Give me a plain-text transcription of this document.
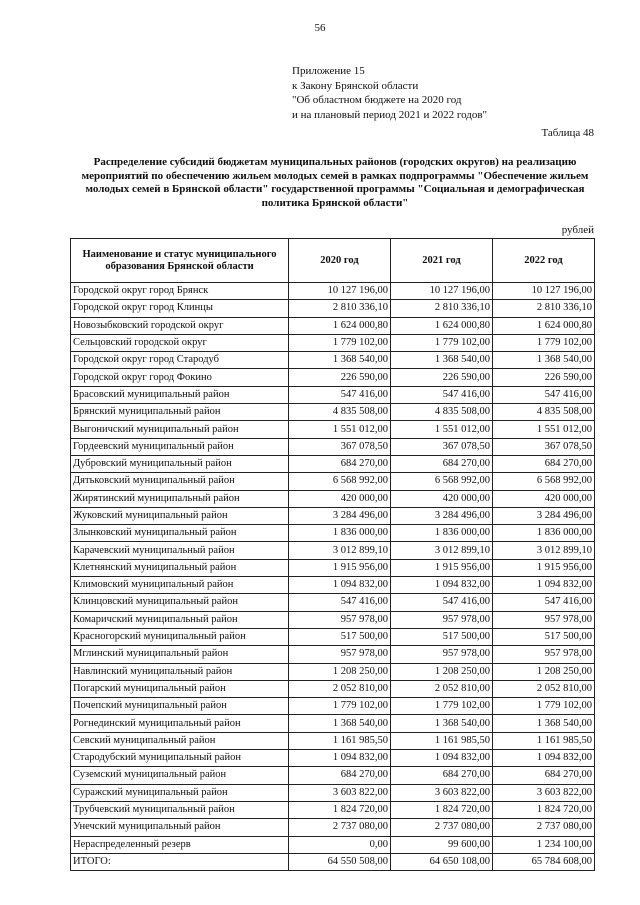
56
Приложение 15
к Закону Брянской области
"Об областном бюджете на 2020 год
и на плановый период 2021 и 2022 годов"
Таблица 48
Распределение субсидий бюджетам муниципальных районов (городских округов) на реализацию мероприятий по обеспечению жильем молодых семей в рамках подпрограммы "Обеспечение жильем молодых семей в Брянской области" государственной программы "Социальная и демографическая политика Брянской области"
рублей
Наименование и статус муниципального образования Брянской области	2020 год	2021 год	2022 год
Городской округ город Брянск	10 127 196,00	10 127 196,00	10 127 196,00
Городской округ город Клинцы	2 810 336,10	2 810 336,10	2 810 336,10
Новозыбковский городской округ	1 624 000,80	1 624 000,80	1 624 000,80
Сельцовский городской округ	1 779 102,00	1 779 102,00	1 779 102,00
Городской округ город Стародуб	1 368 540,00	1 368 540,00	1 368 540,00
Городской округ город Фокино	226 590,00	226 590,00	226 590,00
Брасовский муниципальный район	547 416,00	547 416,00	547 416,00
Брянский муниципальный район	4 835 508,00	4 835 508,00	4 835 508,00
Выгоничский муниципальный район	1 551 012,00	1 551 012,00	1 551 012,00
Гордеевский муниципальный район	367 078,50	367 078,50	367 078,50
Дубровский муниципальный район	684 270,00	684 270,00	684 270,00
Дятьковский муниципальный район	6 568 992,00	6 568 992,00	6 568 992,00
Жирятинский муниципальный район	420 000,00	420 000,00	420 000,00
Жуковский муниципальный район	3 284 496,00	3 284 496,00	3 284 496,00
Злынковский муниципальный район	1 836 000,00	1 836 000,00	1 836 000,00
Карачевский муниципальный район	3 012 899,10	3 012 899,10	3 012 899,10
Клетнянский муниципальный район	1 915 956,00	1 915 956,00	1 915 956,00
Климовский муниципальный район	1 094 832,00	1 094 832,00	1 094 832,00
Клинцовский муниципальный район	547 416,00	547 416,00	547 416,00
Комаричский муниципальный район	957 978,00	957 978,00	957 978,00
Красногорский муниципальный район	517 500,00	517 500,00	517 500,00
Мглинский муниципальный район	957 978,00	957 978,00	957 978,00
Навлинский муниципальный район	1 208 250,00	1 208 250,00	1 208 250,00
Погарский муниципальный район	2 052 810,00	2 052 810,00	2 052 810,00
Почепский муниципальный район	1 779 102,00	1 779 102,00	1 779 102,00
Рогнединский муниципальный район	1 368 540,00	1 368 540,00	1 368 540,00
Севский муниципальный район	1 161 985,50	1 161 985,50	1 161 985,50
Стародубский муниципальный район	1 094 832,00	1 094 832,00	1 094 832,00
Суземский муниципальный район	684 270,00	684 270,00	684 270,00
Суражский муниципальный район	3 603 822,00	3 603 822,00	3 603 822,00
Трубчевский муниципальный район	1 824 720,00	1 824 720,00	1 824 720,00
Унечский муниципальный район	2 737 080,00	2 737 080,00	2 737 080,00
Нераспределенный резерв	0,00	99 600,00	1 234 100,00
ИТОГО:	64 550 508,00	64 650 108,00	65 784 608,00
